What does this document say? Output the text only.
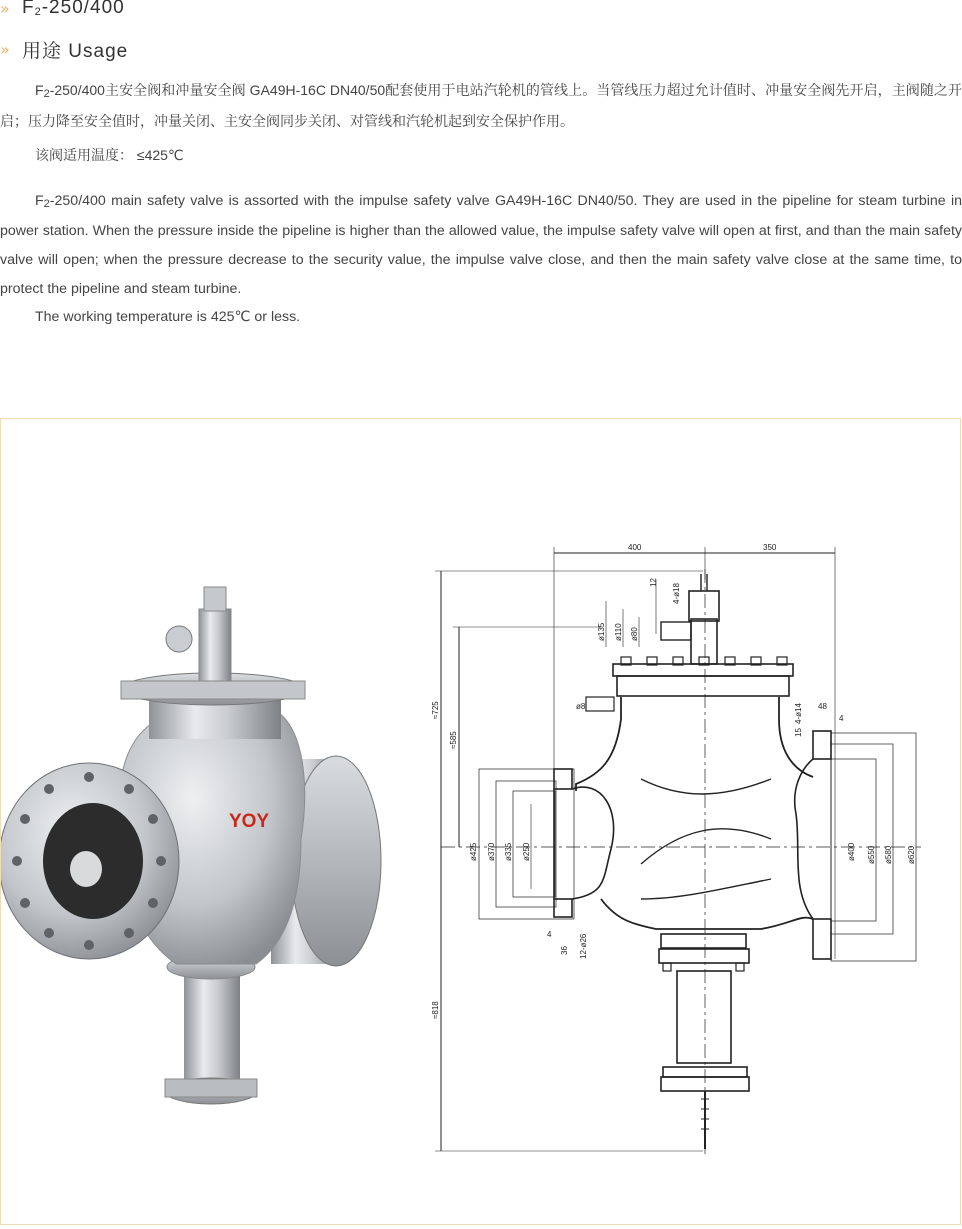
» F2-250/400
» 用途 Usage

F2-250/400主安全阀和冲量安全阀 GA49H-16C DN40/50配套使用于电站汽轮机的管线上。当管线压力超过允计值时、冲量安全阀先开启，主阀随之开启；压力降至安全值时，冲量关闭、主安全阀同步关闭、对管线和汽轮机起到安全保护作用。

该阀适用温度： ≤425℃

F2-250/400 main safety valve is assorted with the impulse safety valve GA49H-16C DN40/50. They are used in the pipeline for steam turbine in power station. When the pressure inside the pipeline is higher than the allowed value, the impulse safety valve will open at first, and than the main safety valve will open; when the pressure decrease to the security value, the impulse valve close, and then the main safety valve close at the same time, to protect the pipeline and steam turbine.

The working temperature is 425℃ or less.

YOY
400	350
≈725
≈585
≈818
ø425 ø370 ø335 ø250	ø400 ø550 ø580 ø620
ø135 ø110 ø80
4-ø18
12
48
4
15
4-ø14
4
36 12-ø26
ø8
